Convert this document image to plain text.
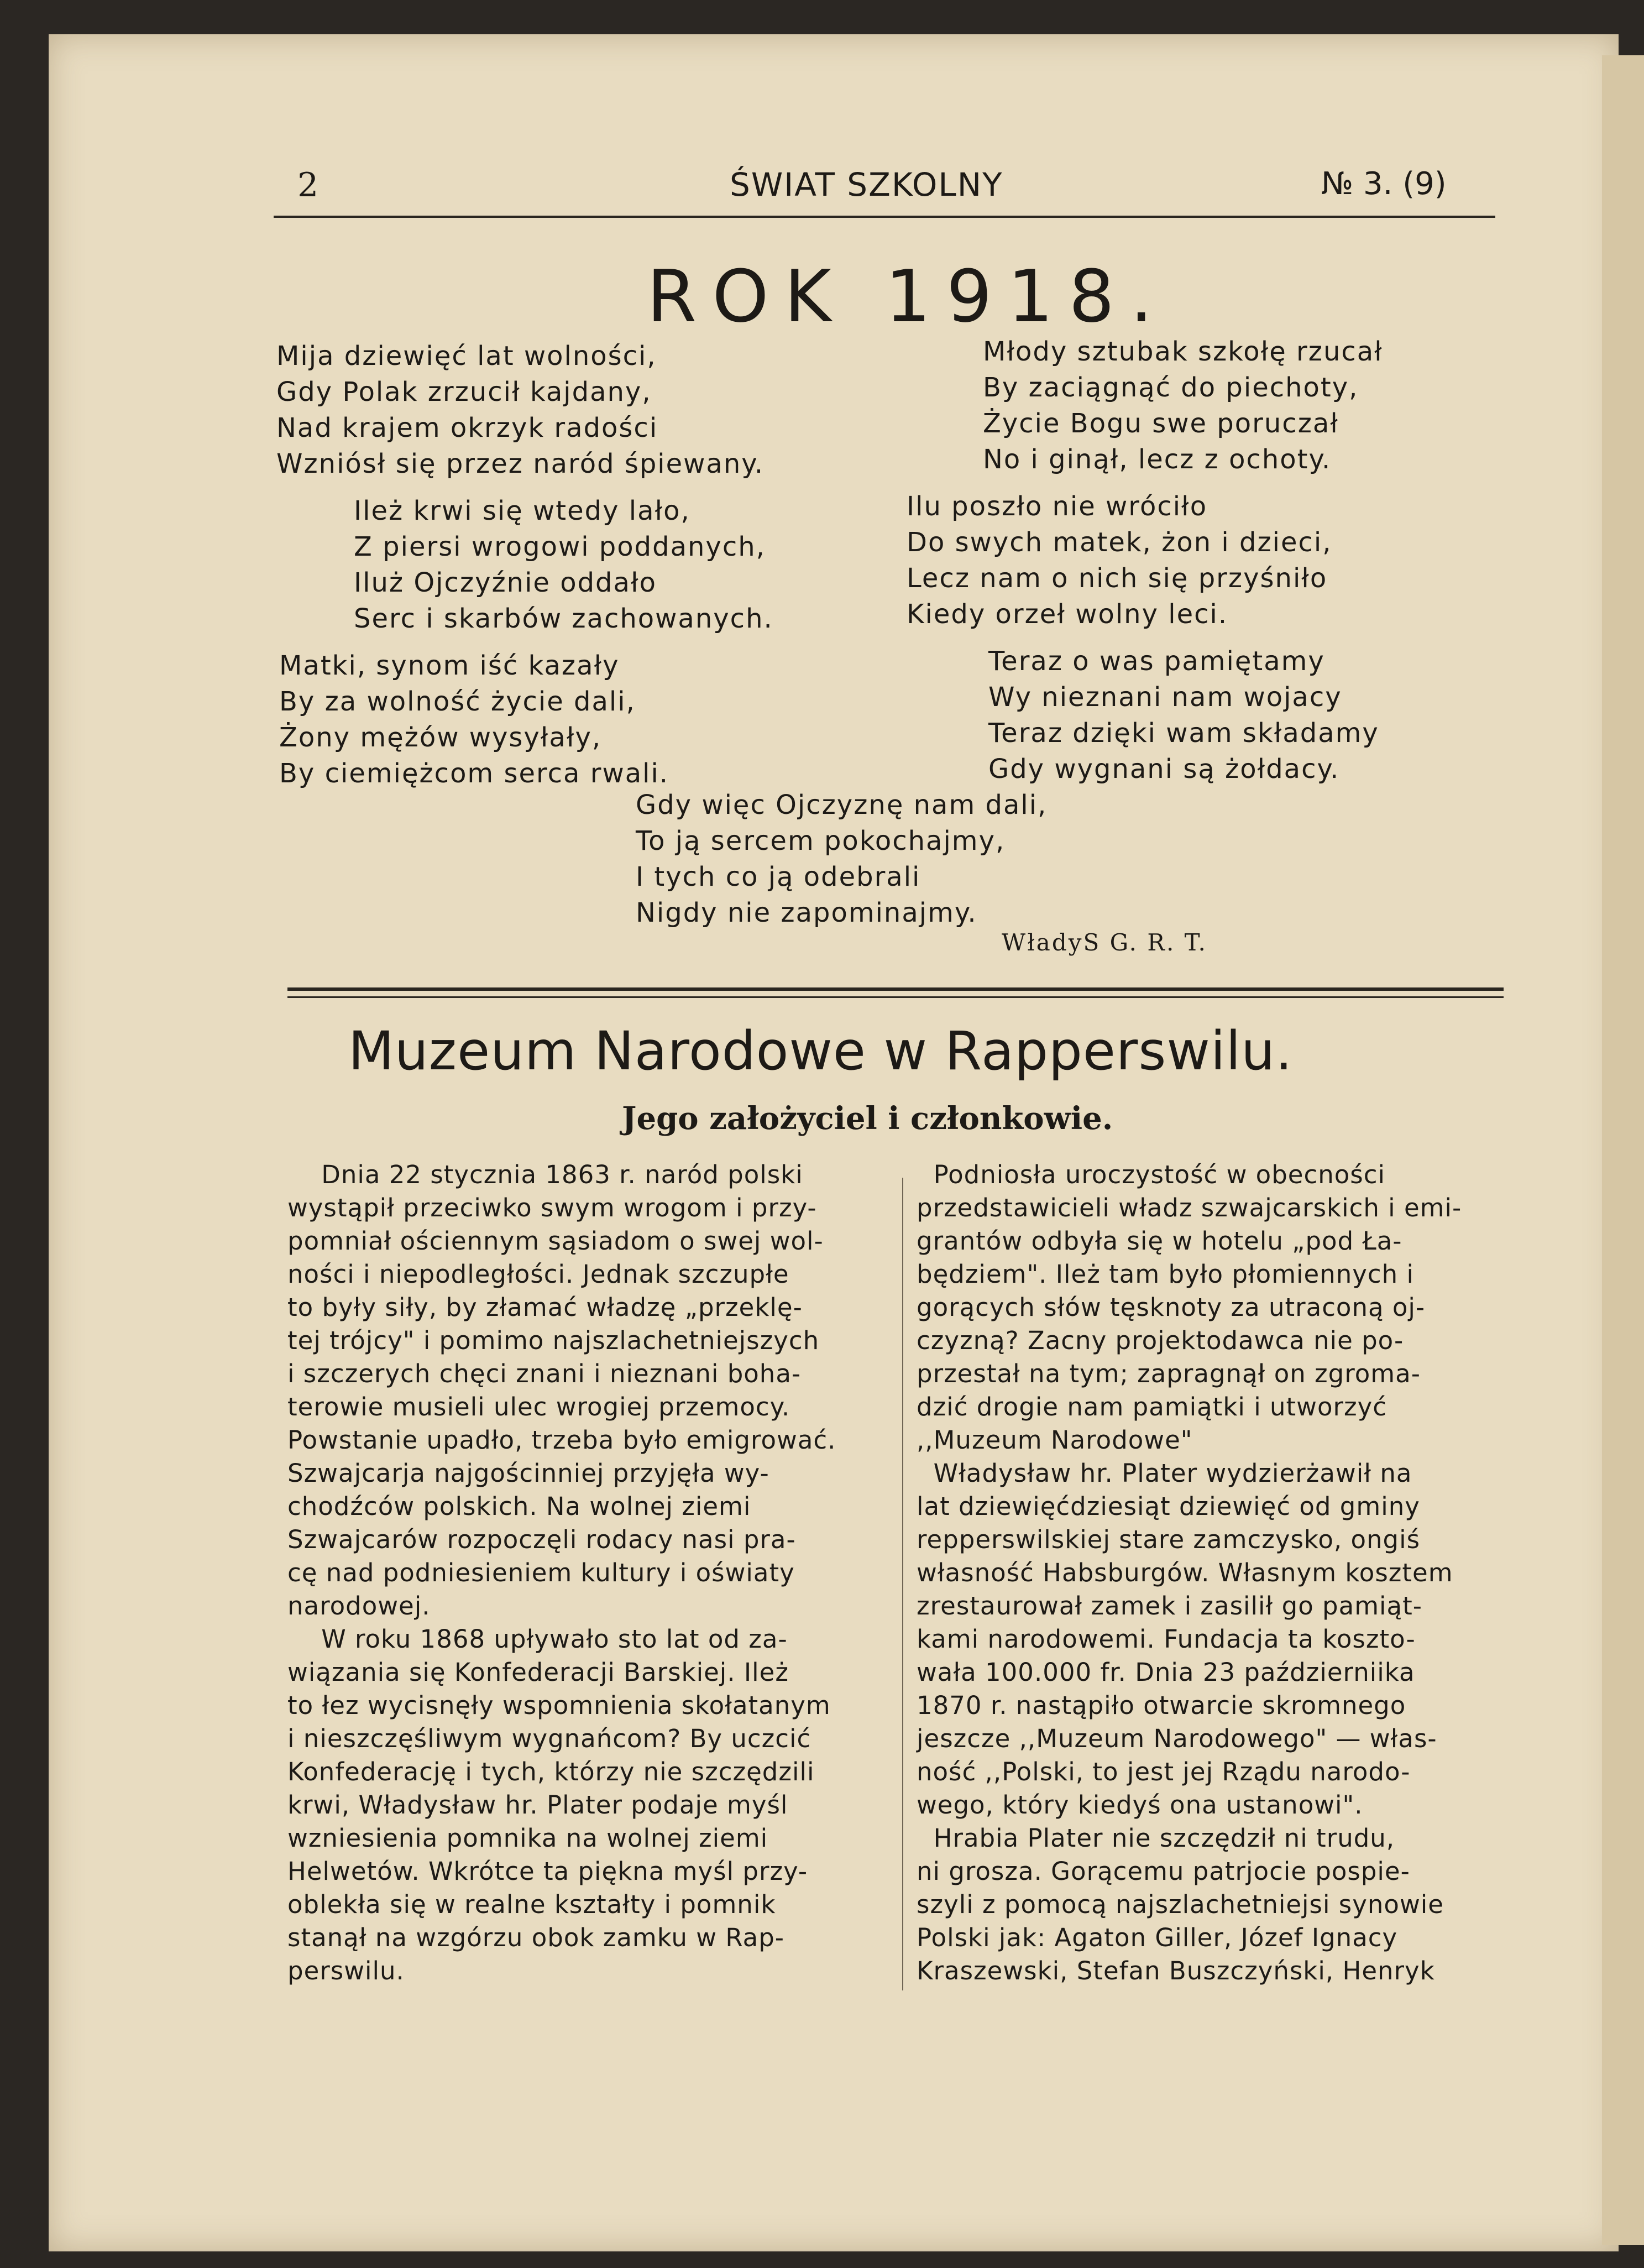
2	ŚWIAT SZKOLNY	№ 3. (9)
ROK 1918.
Mija dziewięć lat wolności,
Gdy Polak zrzucił kajdany,
Nad krajem okrzyk radości
Wzniósł się przez naród śpiewany.
Ileż krwi się wtedy lało,
Z piersi wrogowi poddanych,
Iluż Ojczyźnie oddało
Serc i skarbów zachowanych.
Matki, synom iść kazały
By za wolność życie dali,
Żony mężów wysyłały,
By ciemiężcom serca rwali.
Młody sztubak szkołę rzucał
By zaciągnąć do piechoty,
Życie Bogu swe poruczał
No i ginął, lecz z ochoty.
Ilu poszło nie wróciło
Do swych matek, żon i dzieci,
Lecz nam o nich się przyśniło
Kiedy orzeł wolny leci.
Teraz o was pamiętamy
Wy nieznani nam wojacy
Teraz dzięki wam składamy
Gdy wygnani są żołdacy.
Gdy więc Ojczyznę nam dali,
To ją sercem pokochajmy,
I tych co ją odebrali
Nigdy nie zapominajmy.
WładyS G. R. T.
Muzeum Narodowe w Rapperswilu.
Jego założyciel i członkowie.
Dnia 22 stycznia 1863 r. naród polski
wystąpił przeciwko swym wrogom i przy-
pomniał ościennym sąsiadom o swej wol-
ności i niepodległości. Jednak szczupłe
to były siły, by złamać władzę „przeklę-
tej trójcy" i pomimo najszlachetniejszych
i szczerych chęci znani i nieznani boha-
terowie musieli ulec wrogiej przemocy.
Powstanie upadło, trzeba było emigrować.
Szwajcarja najgościnniej przyjęła wy-
chodźców polskich. Na wolnej ziemi
Szwajcarów rozpoczęli rodacy nasi pra-
cę nad podniesieniem kultury i oświaty
narodowej.
W roku 1868 upływało sto lat od za-
wiązania się Konfederacji Barskiej. Ileż
to łez wycisnęły wspomnienia skołatanym
i nieszczęśliwym wygnańcom? By uczcić
Konfederację i tych, którzy nie szczędzili
krwi, Władysław hr. Plater podaje myśl
wzniesienia pomnika na wolnej ziemi
Helwetów. Wkrótce ta piękna myśl przy-
oblekła się w realne kształty i pomnik
stanął na wzgórzu obok zamku w Rap-
perswilu.
Podniosła uroczystość w obecności
przedstawicieli władz szwajcarskich i emi-
grantów odbyła się w hotelu „pod Ła-
będziem". Ileż tam było płomiennych i
gorących słów tęsknoty za utraconą oj-
czyzną? Zacny projektodawca nie po-
przestał na tym; zapragnął on zgroma-
dzić drogie nam pamiątki i utworzyć
,,Muzeum Narodowe"
Władysław hr. Plater wydzierżawił na
lat dziewięćdziesiąt dziewięć od gminy
repperswilskiej stare zamczysko, ongiś
własność Habsburgów. Własnym kosztem
zrestaurował zamek i zasilił go pamiąt-
kami narodowemi. Fundacja ta koszto-
wała 100.000 fr. Dnia 23 październiika
1870 r. nastąpiło otwarcie skromnego
jeszcze ,,Muzeum Narodowego" — włas-
ność ,,Polski, to jest jej Rządu narodo-
wego, który kiedyś ona ustanowi".
Hrabia Plater nie szczędził ni trudu,
ni grosza. Gorącemu patrjocie pospie-
szyli z pomocą najszlachetniejsi synowie
Polski jak: Agaton Giller, Józef Ignacy
Kraszewski, Stefan Buszczyński, Henryk
